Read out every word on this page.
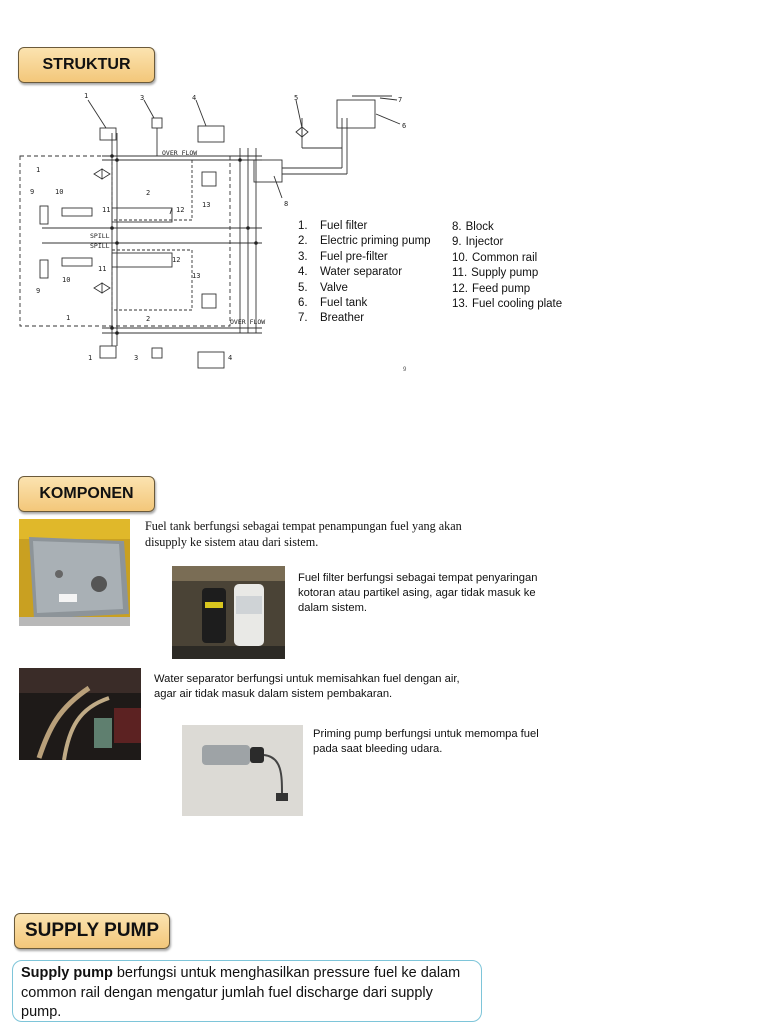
STRUKTUR
KOMPONEN
SUPPLY PUMP
1	3	4	5	7
6
8
9	10
1
2
11	12
13
9
10
11
12
13
2
1
1	3	4
OVER FLOW
SPILL
SPILL
OVER FLOW
1. Fuel filter
2. Electric priming pump
3. Fuel pre-filter
4. Water separator
5. Valve
6. Fuel tank
7. Breather
8. Block
9. Injector
10. Common rail
11. Supply pump
12. Feed pump
13. Fuel cooling plate
9
Fuel tank berfungsi sebagai tempat penampungan fuel yang akan disupply ke sistem atau dari sistem.
Fuel filter berfungsi sebagai tempat penyaringan kotoran atau partikel asing, agar tidak masuk ke dalam sistem.
Water separator berfungsi untuk memisahkan fuel dengan air, agar air tidak masuk dalam sistem pembakaran.
Priming pump berfungsi untuk memompa fuel pada saat bleeding udara.
Supply pump berfungsi untuk menghasilkan pressure fuel ke dalam common rail dengan mengatur jumlah fuel discharge dari supply pump.
